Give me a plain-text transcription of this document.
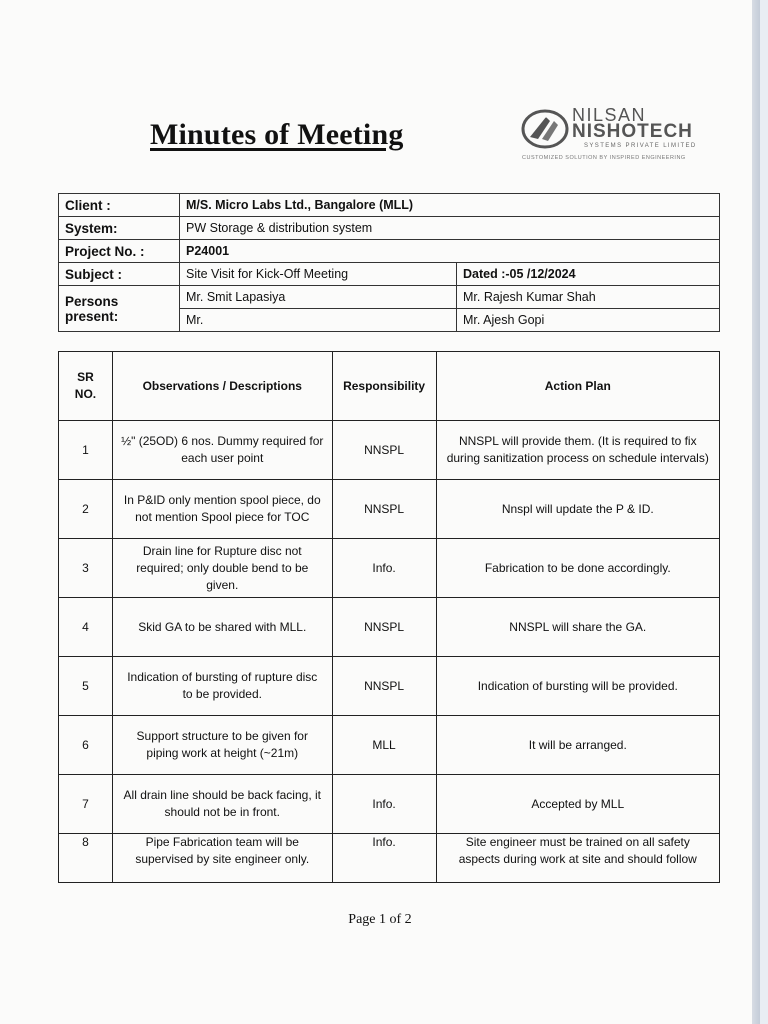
Minutes of Meeting
NILSAN
NISHOTECH
SYSTEMS PRIVATE LIMITED
CUSTOMIZED SOLUTION BY INSPIRED ENGINEERING
Client :	M/S. Micro Labs Ltd., Bangalore (MLL)	
System:	PW Storage & distribution system	
Project No. :	P24001	
Subject :	Site Visit for Kick-Off Meeting	Dated :-05 /12/2024
Persons present:	Mr. Smit Lapasiya	Mr. Rajesh Kumar Shah
	Mr.	Mr. Ajesh Gopi
SR NO.	Observations / Descriptions	Responsibility	Action Plan
1	½" (25OD) 6 nos. Dummy required for each user point	NNSPL	NNSPL will provide them. (It is required to fix during sanitization process on schedule intervals)
2	In P&ID only mention spool piece, do not mention Spool piece for TOC	NNSPL	Nnspl will update the P & ID.
3	Drain line for Rupture disc not required; only double bend to be given.	Info.	Fabrication to be done accordingly.
4	Skid GA to be shared with MLL.	NNSPL	NNSPL will share the GA.
5	Indication of bursting of rupture disc to be provided.	NNSPL	Indication of bursting will be provided.
6	Support structure to be given for piping work at height (~21m)	MLL	It will be arranged.
7	All drain line should be back facing, it should not be in front.	Info.	Accepted by MLL
8	Pipe Fabrication team will be supervised by site engineer only.	Info.	Site engineer must be trained on all safety aspects during work at site and should follow
Page 1 of 2
